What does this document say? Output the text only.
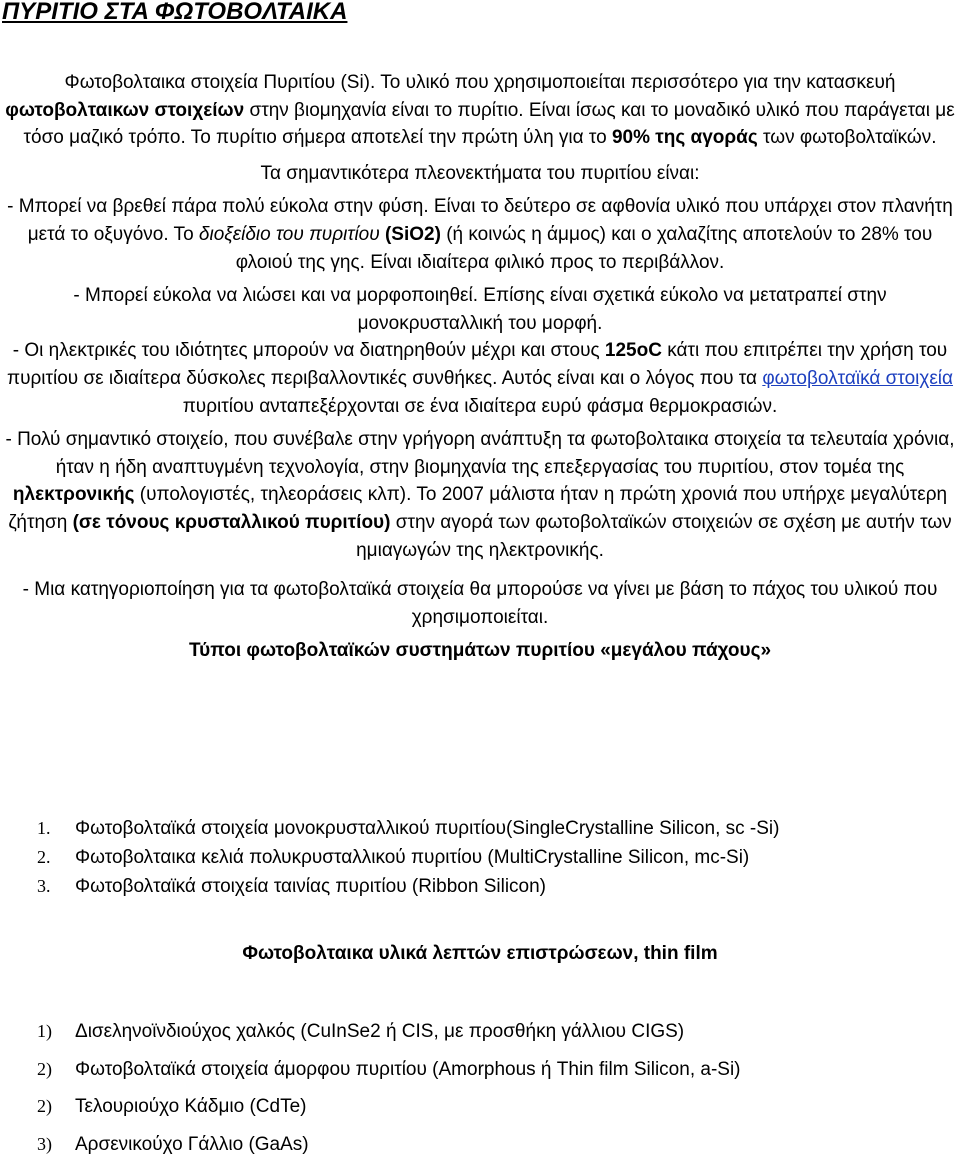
ΠΥΡΙΤΙΟ ΣΤΑ ΦΩΤΟΒΟΛΤΑΙΚΑ

Φωτοβολταικα στοιχεία Πυριτίου (Si). Το υλικό που χρησιμοποιείται περισσότερο για την κατασκευή φωτοβολταικων στοιχείων στην βιομηχανία είναι το πυρίτιο. Είναι ίσως και το μοναδικό υλικό που παράγεται με τόσο μαζικό τρόπο. Το πυρίτιο σήμερα αποτελεί την πρώτη ύλη για το 90% της αγοράς των φωτοβολταϊκών.

Τα σημαντικότερα πλεονεκτήματα του πυριτίου είναι:

- Μπορεί να βρεθεί πάρα πολύ εύκολα στην φύση. Είναι το δεύτερο σε αφθονία υλικό που υπάρχει στον πλανήτη μετά το οξυγόνο. Το διοξείδιο του πυριτίου (SiO2) (ή κοινώς η άμμος) και ο χαλαζίτης αποτελούν το 28% του φλοιού της γης. Είναι ιδιαίτερα φιλικό προς το περιβάλλον.

- Μπορεί εύκολα να λιώσει και να μορφοποιηθεί. Επίσης είναι σχετικά εύκολο να μετατραπεί στην μονοκρυσταλλική του μορφή.

- Οι ηλεκτρικές του ιδιότητες μπορούν να διατηρηθούν μέχρι και στους 125oC κάτι που επιτρέπει την χρήση του πυριτίου σε ιδιαίτερα δύσκολες περιβαλλοντικές συνθήκες. Αυτός είναι και ο λόγος που τα φωτοβολταϊκά στοιχεία πυριτίου ανταπεξέρχονται σε ένα ιδιαίτερα ευρύ φάσμα θερμοκρασιών.

- Πολύ σημαντικό στοιχείο, που συνέβαλε στην γρήγορη ανάπτυξη τα φωτοβολταικα στοιχεία τα τελευταία χρόνια, ήταν η ήδη αναπτυγμένη τεχνολογία, στην βιομηχανία της επεξεργασίας του πυριτίου, στον τομέα της ηλεκτρονικής (υπολογιστές, τηλεοράσεις κλπ). Το 2007 μάλιστα ήταν η πρώτη χρονιά που υπήρχε μεγαλύτερη ζήτηση (σε τόνους κρυσταλλικού πυριτίου) στην αγορά των φωτοβολταϊκών στοιχειών σε σχέση με αυτήν των ημιαγωγών της ηλεκτρονικής.

- Μια κατηγοριοποίηση για τα φωτοβολταϊκά στοιχεία θα μπορούσε να γίνει με βάση το πάχος του υλικού που χρησιμοποιείται.

Τύποι φωτοβολταϊκών συστημάτων πυριτίου «μεγάλου πάχους»

1.	Φωτοβολταϊκά στοιχεία μονοκρυσταλλικού πυριτίου(SingleCrystalline Silicon, sc -Si)
2.	Φωτοβολταικα κελιά πολυκρυσταλλικού πυριτίου (MultiCrystalline Silicon, mc-Si)
3.	Φωτοβολταϊκά στοιχεία ταινίας πυριτίου (Ribbon Silicon)

Φωτοβολταικα υλικά λεπτών επιστρώσεων, thin film

1)	Δισεληνοϊνδιούχος χαλκός (CuInSe2 ή CIS, με προσθήκη γάλλιου CIGS)
2)	Φωτοβολταϊκά στοιχεία άμορφου πυριτίου (Amorphous ή Thin film Silicon, a-Si)
2)	Τελουριούχο Κάδμιο (CdTe)
3)	Αρσενικούχο Γάλλιο (GaAs)
